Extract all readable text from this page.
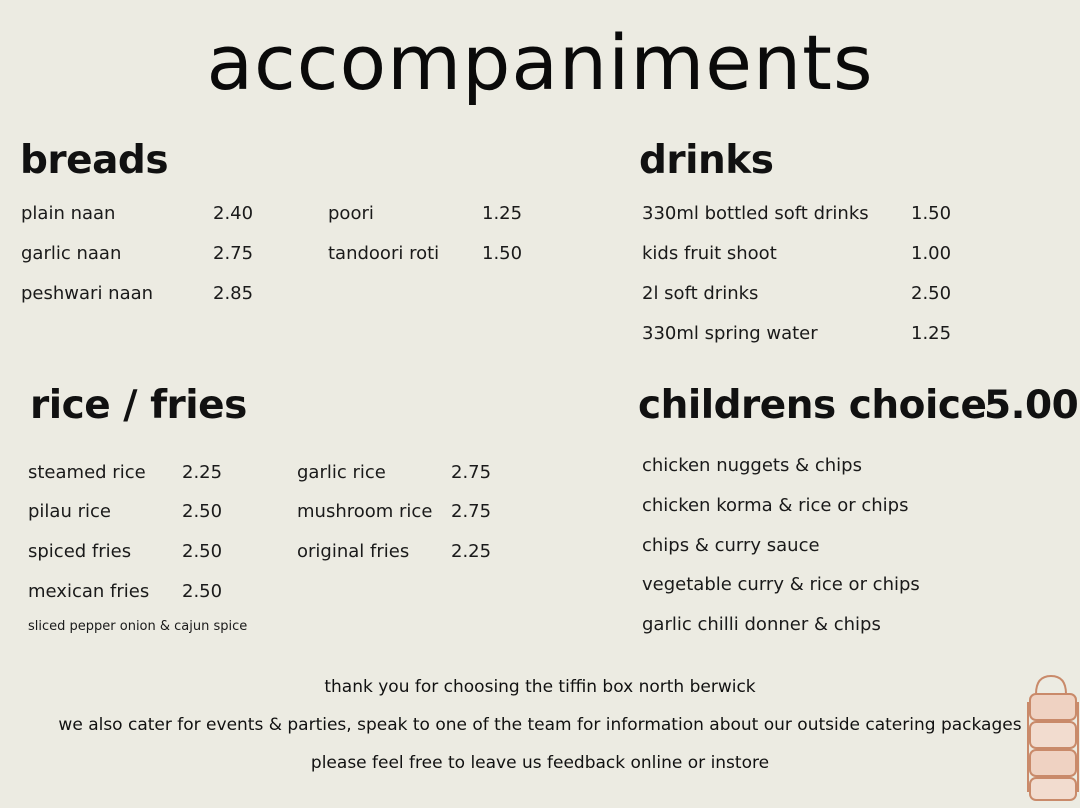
accompaniments
breads
plain naan	2.40
garlic naan	2.75
peshwari naan	2.85
poori	1.25
tandoori roti 1.50
drinks
330ml bottled soft drinks 1.50
kids fruit shoot	1.00
2l soft drinks	2.50
330ml spring water	1.25
rice / fries
steamed rice 2.25
pilau rice	2.50
spiced fries	2.50
mexican fries 2.50
garlic rice	2.75
mushroom rice 2.75
original fries 2.25
sliced pepper onion & cajun spice
childrens choice
5.00
chicken nuggets & chips
chicken korma & rice or chips
chips & curry sauce
vegetable curry & rice or chips
garlic chilli donner & chips
thank you for choosing the tiffin box north berwick
we also cater for events & parties, speak to one of the team for information about our outside catering packages
please feel free to leave us feedback online or instore
